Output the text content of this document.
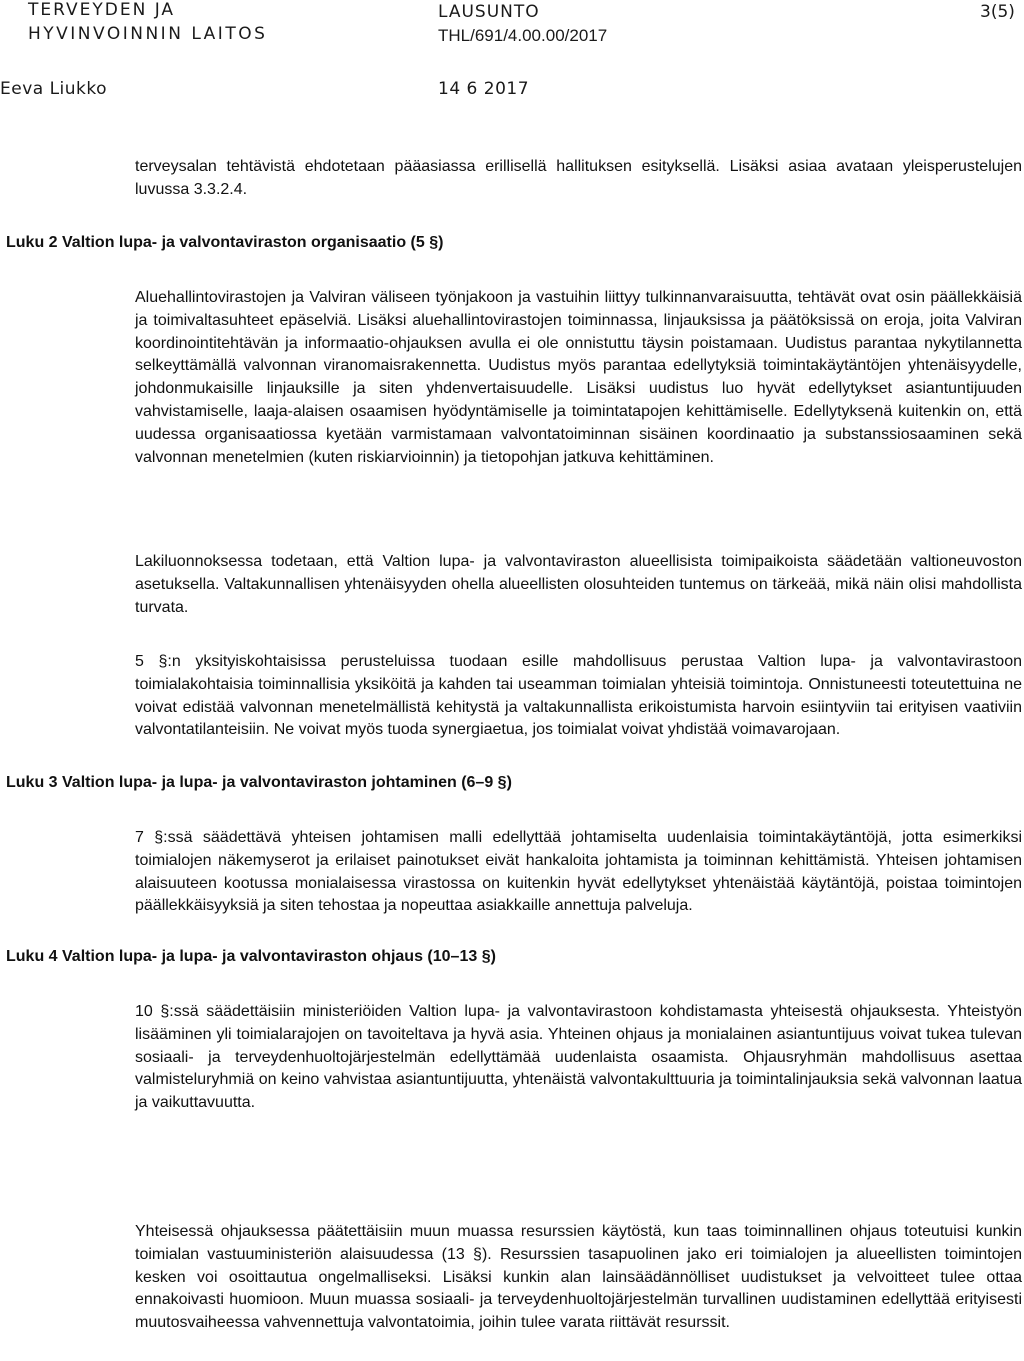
TERVEYDEN JA
HYVINVOINNIN LAITOS
LAUSUNTO
THL/691/4.00.00/2017
3(5)
Eeva Liukko	14 6 2017

terveysalan tehtävistä ehdotetaan pääasiassa erillisellä hallituksen esityksellä. Lisäksi asiaa avataan yleisperustelujen luvussa 3.3.2.4.

Luku 2 Valtion lupa- ja valvontaviraston organisaatio (5 §)

Aluehallintovirastojen ja Valviran väliseen työnjakoon ja vastuihin liittyy tulkinnanvaraisuutta, tehtävät ovat osin päällekkäisiä ja toimivaltasuhteet epäselviä. Lisäksi aluehallintovirastojen toiminnassa, linjauksissa ja päätöksissä on eroja, joita Valviran koordinointitehtävän ja informaatio-ohjauksen avulla ei ole onnistuttu täysin poistamaan. Uudistus parantaa nykytilannetta selkeyttämällä valvonnan viranomaisrakennetta. Uudistus myös parantaa edellytyksiä toimintakäytäntöjen yhtenäisyydelle, johdonmukaisille linjauksille ja siten yhdenvertaisuudelle. Lisäksi uudistus luo hyvät edellytykset asiantuntijuuden vahvistamiselle, laaja-alaisen osaamisen hyödyntämiselle ja toimintatapojen kehittämiselle. Edellytyksenä kuitenkin on, että uudessa organisaatiossa kyetään varmistamaan valvontatoiminnan sisäinen koordinaatio ja substanssiosaaminen sekä valvonnan menetelmien (kuten riskiarvioinnin) ja tietopohjan jatkuva kehittäminen.

Lakiluonnoksessa todetaan, että Valtion lupa- ja valvontaviraston alueellisista toimipaikoista säädetään valtioneuvoston asetuksella. Valtakunnallisen yhtenäisyyden ohella alueellisten olosuhteiden tuntemus on tärkeää, mikä näin olisi mahdollista turvata.

5 §:n yksityiskohtaisissa perusteluissa tuodaan esille mahdollisuus perustaa Valtion lupa- ja valvontavirastoon toimialakohtaisia toiminnallisia yksiköitä ja kahden tai useamman toimialan yhteisiä toimintoja. Onnistuneesti toteutettuina ne voivat edistää valvonnan menetelmällistä kehitystä ja valtakunnallista erikoistumista harvoin esiintyviin tai erityisen vaativiin valvontatilanteisiin. Ne voivat myös tuoda synergiaetua, jos toimialat voivat yhdistää voimavarojaan.

Luku 3 Valtion lupa- ja lupa- ja valvontaviraston johtaminen (6–9 §)

7 §:ssä säädettävä yhteisen johtamisen malli edellyttää johtamiselta uudenlaisia toimintakäytäntöjä, jotta esimerkiksi toimialojen näkemyserot ja erilaiset painotukset eivät hankaloita johtamista ja toiminnan kehittämistä. Yhteisen johtamisen alaisuuteen kootussa monialaisessa virastossa on kuitenkin hyvät edellytykset yhtenäistää käytäntöjä, poistaa toimintojen päällekkäisyyksiä ja siten tehostaa ja nopeuttaa asiakkaille annettuja palveluja.

Luku 4 Valtion lupa- ja lupa- ja valvontaviraston ohjaus (10–13 §)

10 §:ssä säädettäisiin ministeriöiden Valtion lupa- ja valvontavirastoon kohdistamasta yhteisestä ohjauksesta. Yhteistyön lisääminen yli toimialarajojen on tavoiteltava ja hyvä asia. Yhteinen ohjaus ja monialainen asiantuntijuus voivat tukea tulevan sosiaali- ja terveydenhuoltojärjestelmän edellyttämää uudenlaista osaamista. Ohjausryhmän mahdollisuus asettaa valmisteluryhmiä on keino vahvistaa asiantuntijuutta, yhtenäistä valvontakulttuuria ja toimintalinjauksia sekä valvonnan laatua ja vaikuttavuutta.

Yhteisessä ohjauksessa päätettäisiin muun muassa resurssien käytöstä, kun taas toiminnallinen ohjaus toteutuisi kunkin toimialan vastuuministeriön alaisuudessa (13 §). Resurssien tasapuolinen jako eri toimialojen ja alueellisten toimintojen kesken voi osoittautua ongelmalliseksi. Lisäksi kunkin alan lainsäädännölliset uudistukset ja velvoitteet tulee ottaa ennakoivasti huomioon. Muun muassa sosiaali- ja terveydenhuoltojärjestelmän turvallinen uudistaminen edellyttää erityisesti muutosvaiheessa vahvennettuja valvontatoimia, joihin tulee varata riittävät resurssit.
